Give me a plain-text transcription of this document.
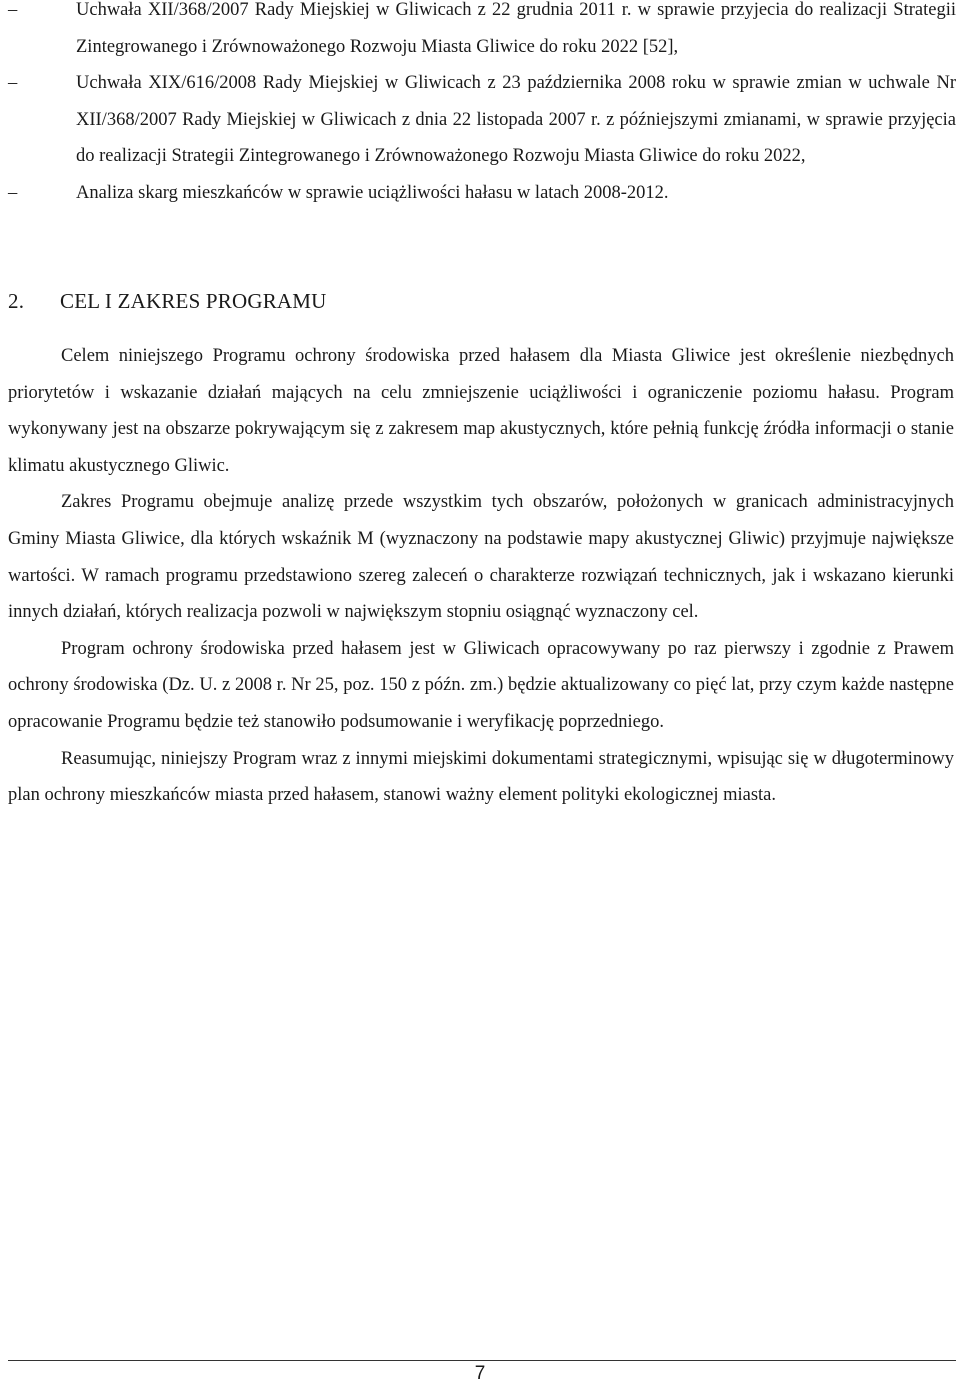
–	Uchwała XII/368/2007 Rady Miejskiej w Gliwicach z 22 grudnia 2011 r. w sprawie przyjecia do realizacji Strategii Zintegrowanego i Zrównoważonego Rozwoju Miasta Gliwice do roku 2022 [52],
–	Uchwała XIX/616/2008 Rady Miejskiej w Gliwicach z 23 października 2008 roku w sprawie zmian w uchwale Nr XII/368/2007 Rady Miejskiej w Gliwicach z dnia 22 listopada 2007 r. z późniejszymi zmianami, w sprawie przyjęcia do realizacji Strategii Zintegrowanego i Zrównoważonego Rozwoju Miasta Gliwice do roku 2022,
–	Analiza skarg mieszkańców w sprawie uciążliwości hałasu w latach 2008-2012.
2. CEL I ZAKRES PROGRAMU

Celem niniejszego Programu ochrony środowiska przed hałasem dla Miasta Gliwice jest określenie niezbędnych priorytetów i wskazanie działań mających na celu zmniejszenie uciążliwości i ograniczenie poziomu hałasu. Program wykonywany jest na obszarze pokrywającym się z zakresem map akustycznych, które pełnią funkcję źródła informacji o stanie klimatu akustycznego Gliwic.

Zakres Programu obejmuje analizę przede wszystkim tych obszarów, położonych w granicach administracyjnych Gminy Miasta Gliwice, dla których wskaźnik M (wyznaczony na podstawie mapy akustycznej Gliwic) przyjmuje największe wartości. W ramach programu przedstawiono szereg zaleceń o charakterze rozwiązań technicznych, jak i wskazano kierunki innych działań, których realizacja pozwoli w największym stopniu osiągnąć wyznaczony cel.

Program ochrony środowiska przed hałasem jest w Gliwicach opracowywany po raz pierwszy i zgodnie z Prawem ochrony środowiska (Dz. U. z 2008 r. Nr 25, poz. 150 z późn. zm.) będzie aktualizowany co pięć lat, przy czym każde następne opracowanie Programu będzie też stanowiło podsumowanie i weryfikację poprzedniego.

Reasumując, niniejszy Program wraz z innymi miejskimi dokumentami strategicznymi, wpisując się w długoterminowy plan ochrony mieszkańców miasta przed hałasem, stanowi ważny element polityki ekologicznej miasta.

7
